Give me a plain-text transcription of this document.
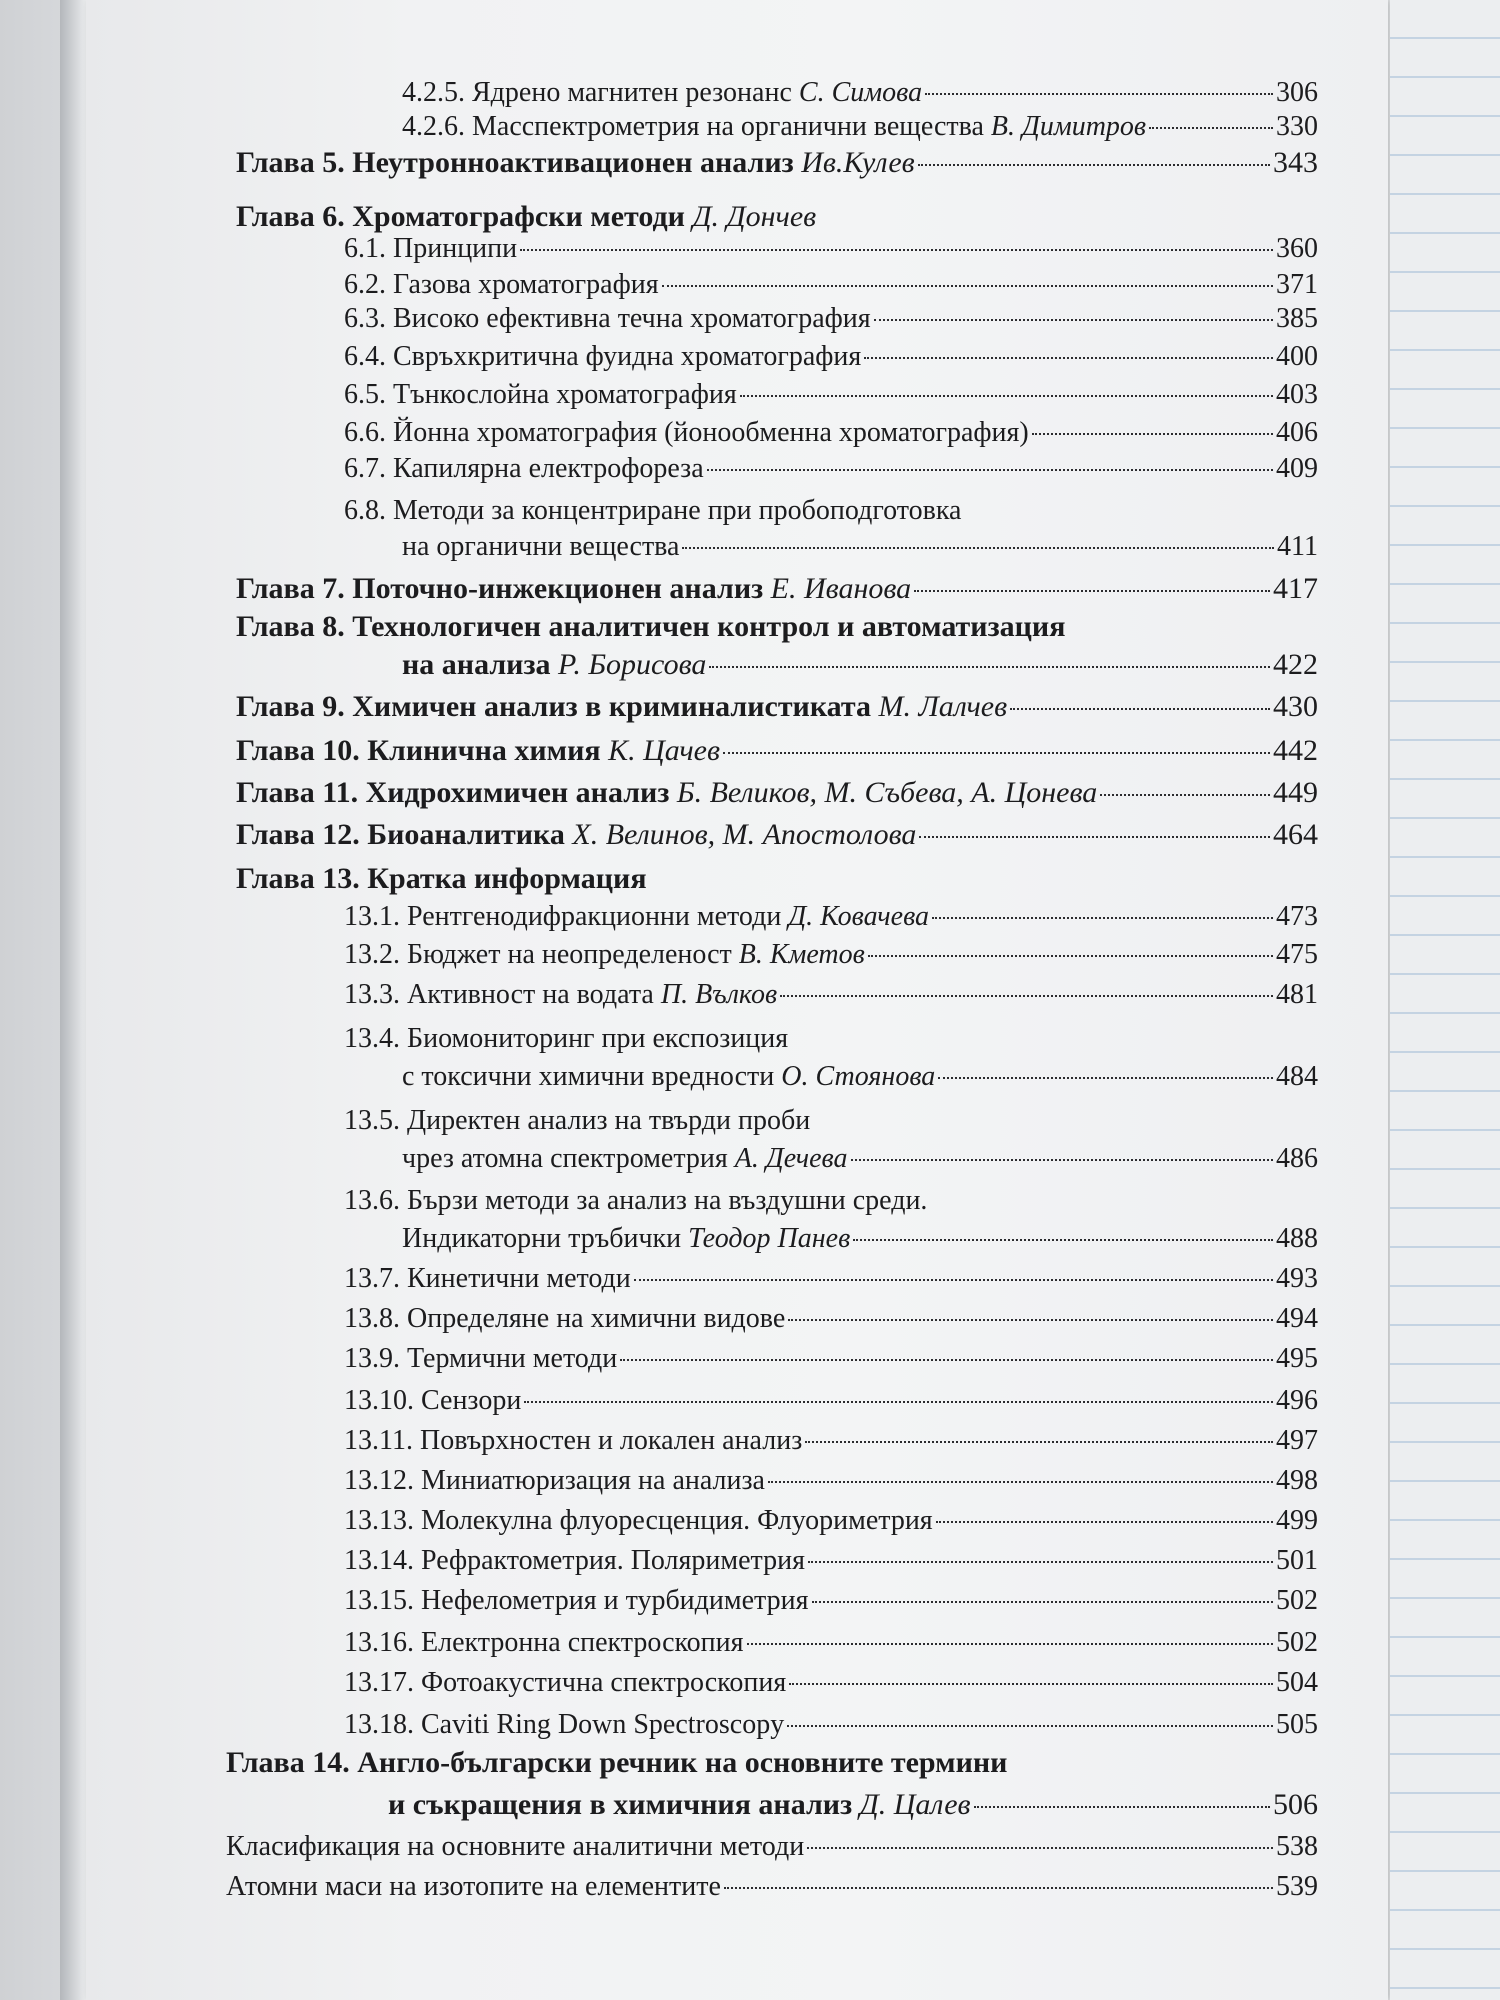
4.2.5. Ядрено магнитен резонанс С. Симова	306
4.2.6. Масспектрометрия на органични вещества В. Димитров	330
Глава 5. Неутронноактивационен анализ Ив.Кулев	343
Глава 6. Хроматографски методи Д. Дончев
6.1. Принципи	360
6.2. Газова хроматография	371
6.3. Високо ефективна течна хроматография	385
6.4. Свръхкритична фуидна хроматография	400
6.5. Тънкослойна хроматография	403
6.6. Йонна хроматография (йонообменна хроматография)	406
6.7. Капилярна електрофореза	409
6.8. Методи за концентриране при пробоподготовка
на органични вещества	411
Глава 7. Поточно-инжекционен анализ Е. Иванова	417
Глава 8. Технологичен аналитичен контрол и автоматизация
на анализа Р. Борисова	422
Глава 9. Химичен анализ в криминалистиката М. Лалчев	430
Глава 10. Клинична химия К. Цачев	442
Глава 11. Хидрохимичен анализ Б. Великов, М. Събева, А. Цонева	449
Глава 12. Биоаналитика Х. Велинов, М. Апостолова	464
Глава 13. Кратка информация
13.1. Рентгенодифракционни методи Д. Ковачева	473
13.2. Бюджет на неопределеност В. Кметов	475
13.3. Активност на водата П. Вълков	481
13.4. Биомониторинг при експозиция
с токсични химични вредности О. Стоянова	484
13.5. Директен анализ на твърди проби
чрез атомна спектрометрия А. Дечева	486
13.6. Бързи методи за анализ на въздушни среди.
Индикаторни тръбички Теодор Панев	488
13.7. Кинетични методи	493
13.8. Определяне на химични видове	494
13.9. Термични методи	495
13.10. Сензори	496
13.11. Повърхностен и локален анализ	497
13.12. Миниатюризация на анализа	498
13.13. Молекулна флуоресценция. Флуориметрия	499
13.14. Рефрактометрия. Поляриметрия	501
13.15. Нефелометрия и турбидиметрия	502
13.16. Електронна спектроскопия	502
13.17. Фотоакустична спектроскопия	504
13.18. Caviti Ring Down Spectroscopy	505
Глава 14. Англо-български речник на основните термини
и съкращения в химичния анализ Д. Цалев	506
Класификация на основните аналитични методи	538
Атомни маси на изотопите на елементите	539
